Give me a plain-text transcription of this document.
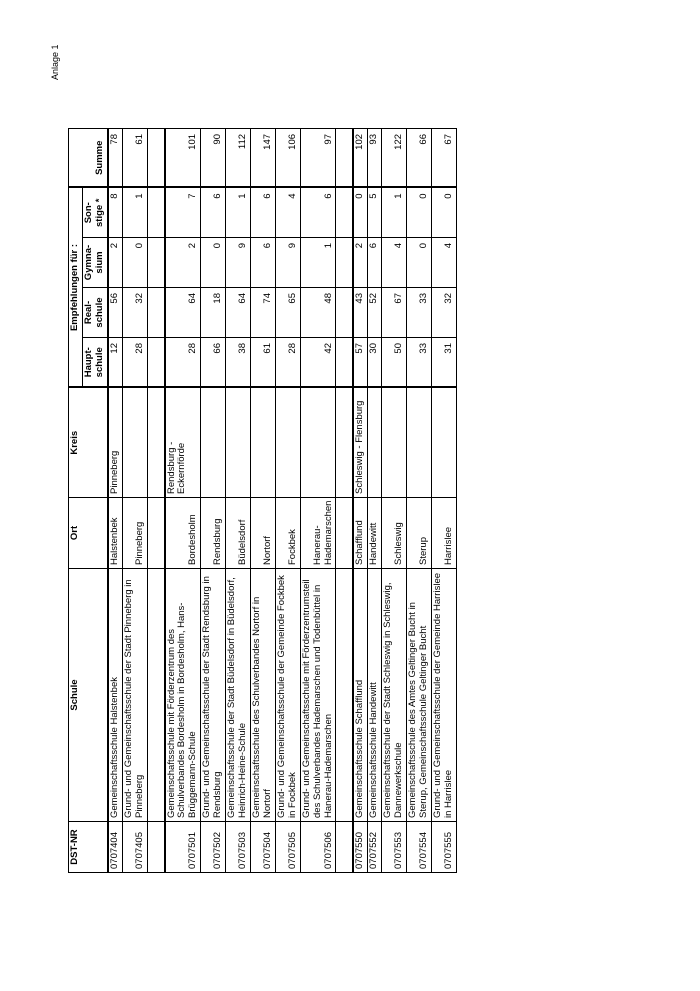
Anlage 1
DST-NR	Schule	Ort	Kreis	Empfehlungen für :				
				Haupt-schule	Real-schule	Gymna-sium	Son-stige *	Summe
0707404	Gemeinschaftsschule Halstenbek	Halstenbek	Pinneberg	12	56	2	8	78
0707405	Grund- und Gemeinschaftsschule der Stadt Pinneberg in Pinneberg	Pinneberg		28	32	0	1	61

0707501	Gemeinschaftsschule mit Förderzentrum des Schulverbandes Bordesholm in Bordesholm, Hans-Brüggemann-Schule	Bordesholm	Rendsburg - Eckernförde	28	64	2	7	101
0707502	Grund- und Gemeinschaftsschule der Stadt Rendsburg in Rendsburg	Rendsburg		66	18	0	6	90
0707503	Gemeinschaftsschule der Stadt Büdelsdorf in Büdelsdorf, Heinrich-Heine-Schule	Büdelsdorf		38	64	9	1	112
0707504	Gemeinschaftsschule des Schulverbandes Nortorf in Nortorf	Nortorf		61	74	6	6	147
0707505	Grund- und Gemeinschaftsschule der Gemeinde Fockbek in Fockbek	Fockbek		28	65	9	4	106
0707506	Grund- und Gemeinschaftsschule mit Förderzentrumsteil des Schulverbandes Hademarschen und Todenbüttel in Hanerau-Hademarschen	Hanerau-Hademarschen		42	48	1	6	97

0707550	Gemeinschaftsschule Schafflund	Schafflund	Schleswig - Flensburg	57	43	2	0	102
0707552	Gemeinschaftsschule Handewitt	Handewitt		30	52	6	5	93
0707553	Gemeinschaftsschule der Stadt Schleswig in Schleswig, Dannewerkschule	Schleswig		50	67	4	1	122
0707554	Gemeinschaftsschule des Amtes Geltinger Bucht in Sterup, Gemeinschaftsschule Geltinger Bucht	Sterup		33	33	0	0	66
0707555	Grund- und Gemeinschaftsschule der Gemeinde Harrislee in Harrislee	Harrislee		31	32	4	0	67
